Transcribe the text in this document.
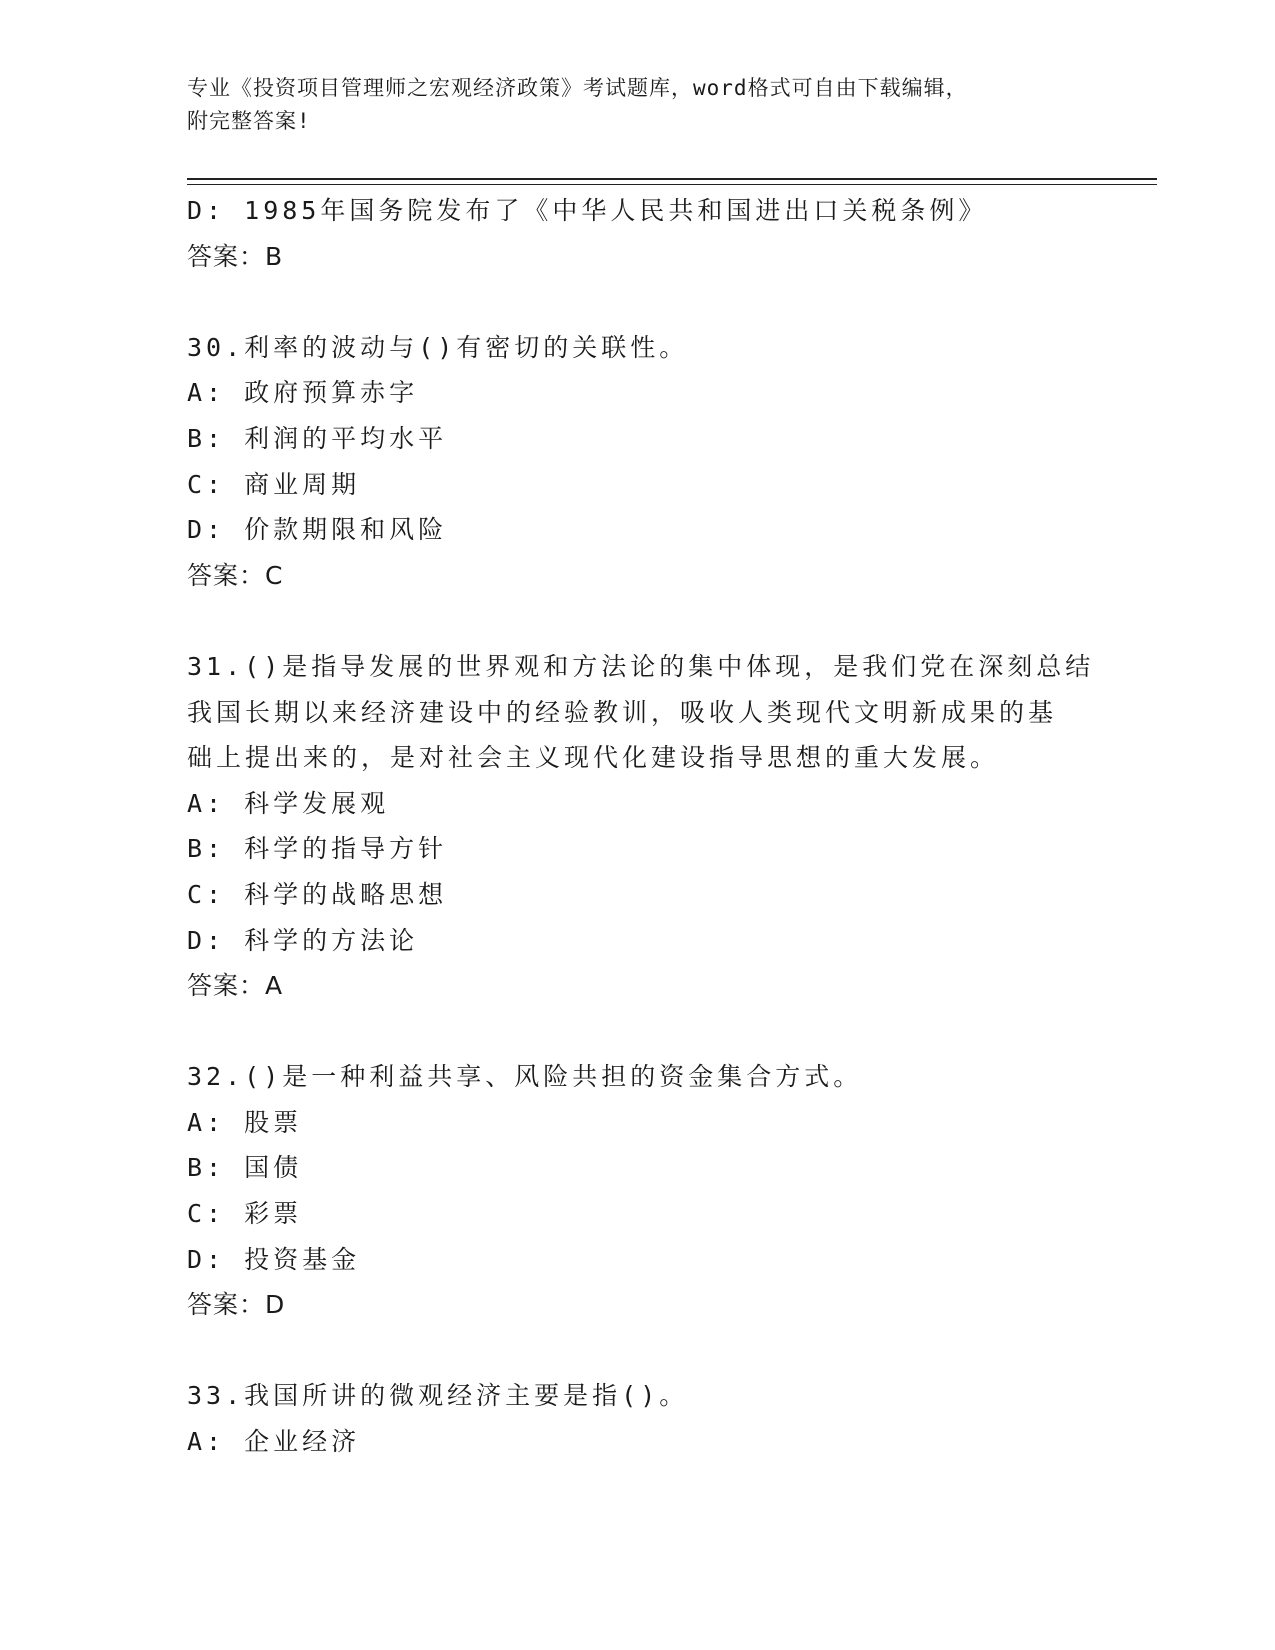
专业《投资项目管理师之宏观经济政策》考试题库，word格式可自由下载编辑，
附完整答案!
D: 1985年国务院发布了《中华人民共和国进出口关税条例》
答案：B
30.利率的波动与()有密切的关联性。
A: 政府预算赤字
B: 利润的平均水平
C: 商业周期
D: 价款期限和风险
答案：C
31.()是指导发展的世界观和方法论的集中体现，是我们党在深刻总结
我国长期以来经济建设中的经验教训，吸收人类现代文明新成果的基
础上提出来的，是对社会主义现代化建设指导思想的重大发展。
A: 科学发展观
B: 科学的指导方针
C: 科学的战略思想
D: 科学的方法论
答案：A
32.()是一种利益共享、风险共担的资金集合方式。
A: 股票
B: 国债
C: 彩票
D: 投资基金
答案：D
33.我国所讲的微观经济主要是指()。
A: 企业经济
